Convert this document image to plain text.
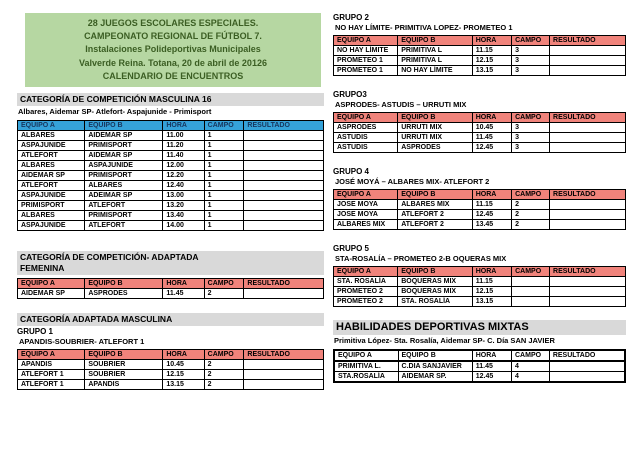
28 JUEGOS ESCOLARES ESPECIALES.
CAMPEONATO REGIONAL DE FÚTBOL 7.
Instalaciones Polideportivas Municipales
Valverde Reina. Totana, 20 de abril de 20126
CALENDARIO DE ENCUENTROS
CATEGORÍA DE COMPETICIÓN MASCULINA 16
Albares, Aidemar SP- Atlefort- Aspajunide - Primisport
EQUIPO A	EQUIPO B	HORA	CAMPO	RESULTADO
ALBARES	AIDEMAR SP	11.00	1	
ASPAJUNIDE	PRIMISPORT	11.20	1	
ATLEFORT	AIDEMAR SP	11.40	1	
ALBARES	ASPAJUNIDE	12.00	1	
AIDEMAR SP	PRIMISPORT	12.20	1	
ATLEFORT	ALBARES	12.40	1	
ASPAJUNIDE	ADEIMAR SP	13.00	1	
PRIMISPORT	ATLEFORT	13.20	1	
ALBARES	PRIMISPORT	13.40	1	
ASPAJUNIDE	ATLEFORT	14.00	1	
CATEGORÍA DE COMPETICIÓN- ADAPTADA
FEMENINA
EQUIPO A	EQUIPO B	HORA	CAMPO	RESULTADO
AIDEMAR SP	ASPRODES	11.45	2	
CATEGORÍA ADAPTADA MASCULINA
GRUPO 1
APANDIS-SOUBRIER- ATLEFORT 1
EQUIPO A	EQUIPO B	HORA	CAMPO	RESULTADO
APANDIS	SOUBRIER	10.45	2	
ATLEFORT 1	SOUBRIER	12.15	2	
ATLEFORT 1	APANDIS	13.15	2	
GRUPO 2
NO HAY LÍMITE- PRIMITIVA LOPEZ- PROMETEO 1
EQUIPO A	EQUIPO B	HORA	CAMPO	RESULTADO
NO HAY LÍMITE	PRIMITIVA L	11.15	3	
PROMETEO 1	PRIMITIVA L	12.15	3	
PROMETEO 1	NO HAY LÍMITE	13.15	3	
GRUPO3
ASPRODES- ASTUDIS – URRUTI MIX
EQUIPO A	EQUIPO B	HORA	CAMPO	RESULTADO
ASPRODES	URRUTI MIX	10.45	3	
ASTUDIS	URRUTI MIX	11.45	3	
ASTUDIS	ASPRODES	12.45	3	
GRUPO 4
JOSÉ MOYÁ – ALBARES MIX- ATLEFORT 2
EQUIPO A	EQUIPO B	HORA	CAMPO	RESULTADO
JOSE MOYA	ALBARES MIX	11.15	2	
JOSE MOYA	ATLEFORT 2	12.45	2	
ALBARES MIX	ATLEFORT 2	13.45	2	
GRUPO 5
STA-ROSALÍA – PROMETEO 2-B OQUERAS MIX
EQUIPO A	EQUIPO B	HORA	CAMPO	RESULTADO
STA. ROSALÍA	BOQUERAS MIX	11.15		
PROMETEO 2	BOQUERAS MIX	12.15		
PROMETEO 2	STA. ROSALÍA	13.15		
HABILIDADES DEPORTIVAS MIXTAS
Primitiva López- Sta. Rosalía, Aidemar SP- C. Día SAN JAVIER
EQUIPO A	EQUIPO B	HORA	CAMPO	RESULTADO
PRIMITIVA L.	C.DIA SANJAVIER	11.45	4	
STA.ROSALÍA	AIDEMAR SP.	12.45	4	
